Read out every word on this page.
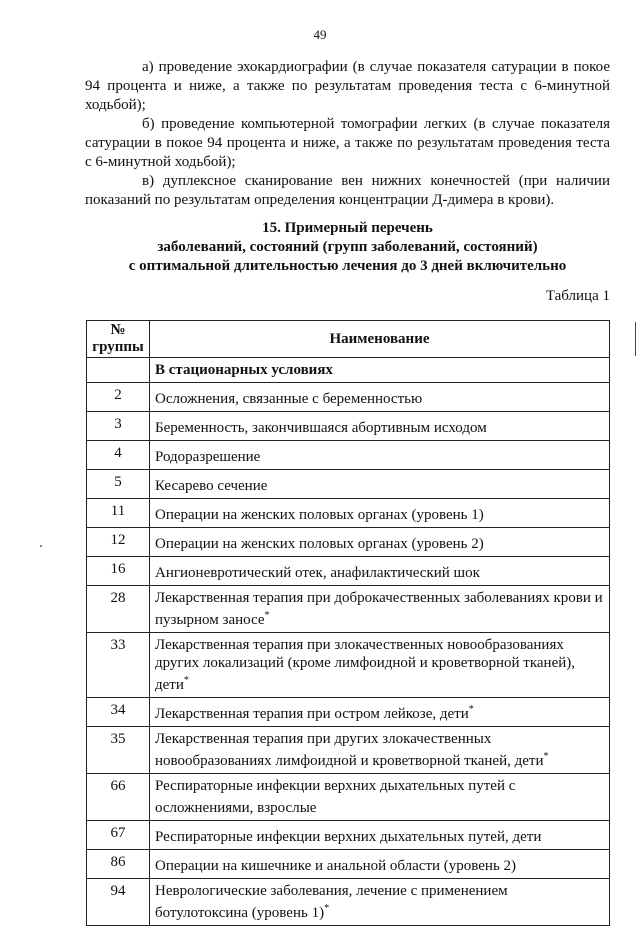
49

а) проведение эхокардиографии (в случае показателя сатурации в покое 94 процента и ниже, а также по результатам проведения теста с 6-минутной ходьбой);

б) проведение компьютерной томографии легких (в случае показателя сатурации в покое 94 процента и ниже, а также по результатам проведения теста с 6-минутной ходьбой);

в) дуплексное сканирование вен нижних конечностей (при наличии показаний по результатам определения концентрации Д-димера в крови).

15. Примерный перечень
заболеваний, состояний (групп заболеваний, состояний)
с оптимальной длительностью лечения до 3 дней включительно
Таблица 1
№
группы	Наименование
	В стационарных условиях
2	Осложнения, связанные с беременностью
3	Беременность, закончившаяся абортивным исходом
4	Родоразрешение
5	Кесарево сечение
11	Операции на женских половых органах (уровень 1)
12	Операции на женских половых органах (уровень 2)
16	Ангионевротический отек, анафилактический шок
28	Лекарственная терапия при доброкачественных заболеваниях крови и пузырном заносе*
33	Лекарственная терапия при злокачественных новообразованиях других локализаций (кроме лимфоидной и кроветворной тканей), дети*
34	Лекарственная терапия при остром лейкозе, дети*
35	Лекарственная терапия при других злокачественных новообразованиях лимфоидной и кроветворной тканей, дети*
66	Респираторные инфекции верхних дыхательных путей с осложнениями, взрослые
67	Респираторные инфекции верхних дыхательных путей, дети
86	Операции на кишечнике и анальной области (уровень 2)
94	Неврологические заболевания, лечение с применением ботулотоксина (уровень 1)*
